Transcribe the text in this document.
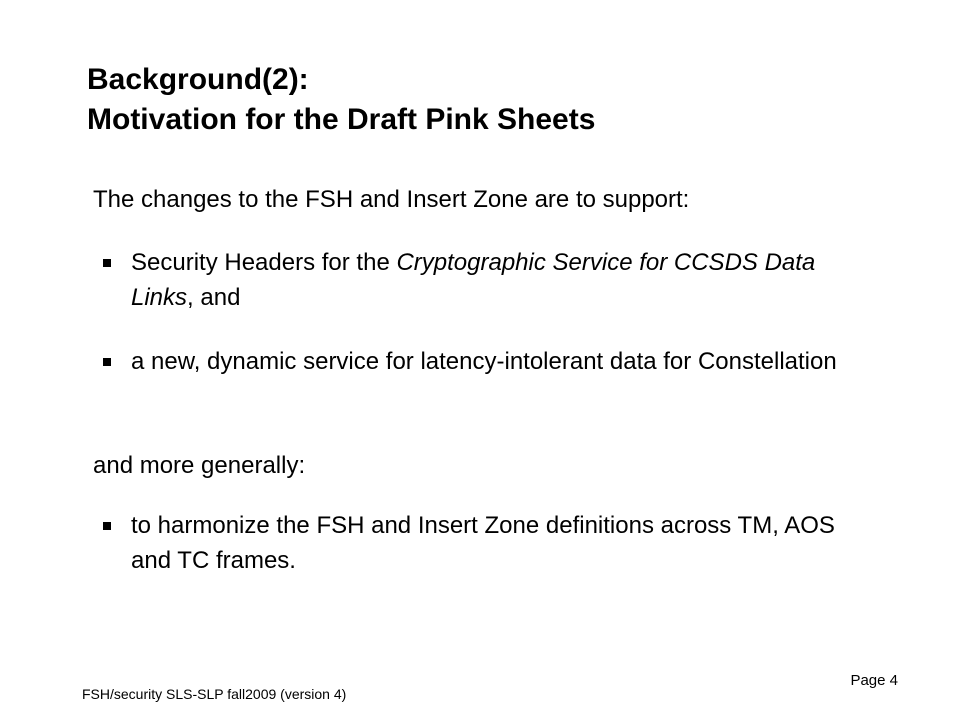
Background(2):
Motivation for the Draft Pink Sheets

The changes to the FSH and Insert Zone are to support:

Security Headers for the Cryptographic Service for CCSDS Data Links, and
a new, dynamic service for latency-intolerant data for Constellation

and more generally:

to harmonize the FSH and Insert Zone definitions across TM, AOS and TC frames.
FSH/security SLS-SLP fall2009 (version 4)
Page 4
